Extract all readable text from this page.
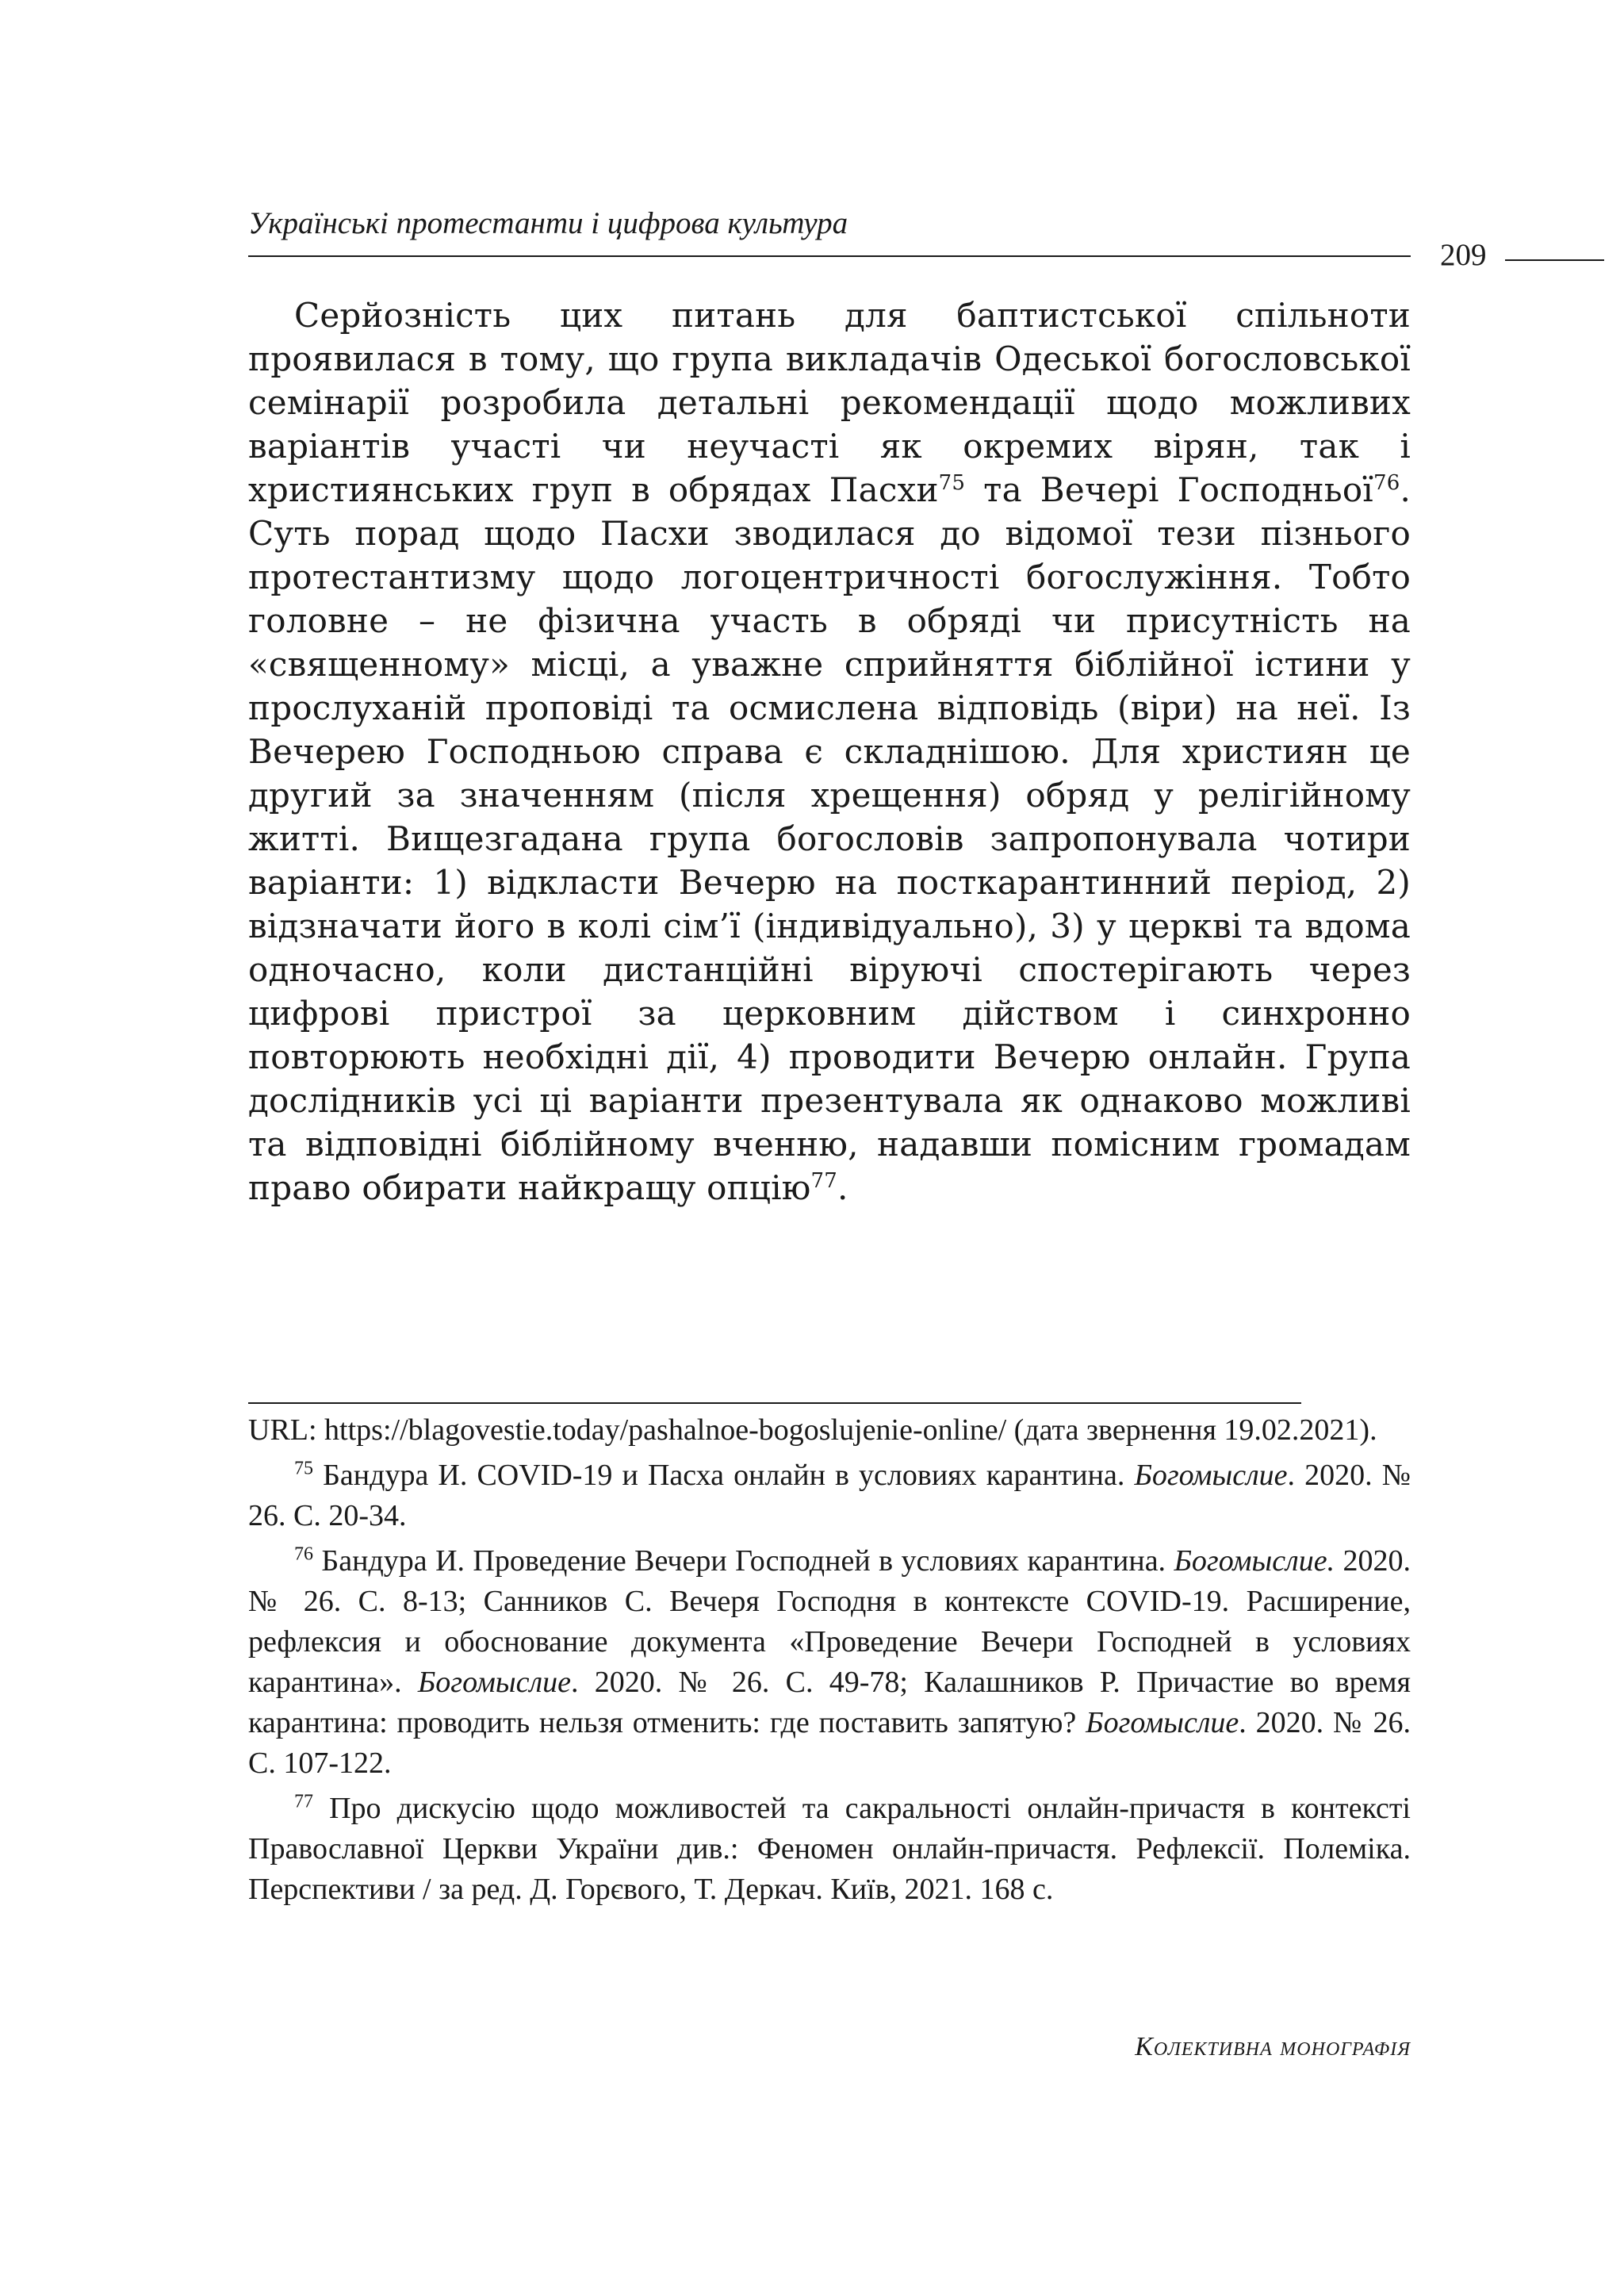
Українські протестанти і цифрова культура
209

Серйозність цих питань для баптистської спільноти проявилася в тому, що група викладачів Одеської богословської семінарії розробила детальні рекомендації щодо можливих варіантів участі чи неучасті як окремих вірян, так і християнських груп в обрядах Пасхи$^{75}$ та Вечері Господньої$^{76}$. Суть порад щодо Пасхи зводилася до відомої тези пізнього протестантизму щодо логоцентричності богослужіння. Тобто головне – не фізична участь в обряді чи присутність на «священному» місці, а уважне сприйняття біблійної істини у прослуханій проповіді та осмислена відповідь (віри) на неї. Із Вечерею Господньою справа є складнішою. Для християн це другий за значенням (після хрещення) обряд у релігійному житті. Вищезгадана група богословів запропонувала чотири варіанти: 1) відкласти Вечерю на посткарантинний період, 2) відзначати його в колі сім’ї (індивідуально), 3) у церкві та вдома одночасно, коли дистанційні віруючі спостерігають через цифрові пристрої за церковним дійством і синхронно повторюють необхідні дії, 4) проводити Вечерю онлайн. Група дослідників усі ці варіанти презентувала як однаково можливі та відповідні біблійному вченню, надавши помісним громадам право обирати найкращу опцію$^{77}$.

URL: https://blagovestie.today/pashalnoe-bogoslujenie-online/ (дата звернення 19.02.2021).

$^{75}$ Бандура И. COVID-19 и Пасха онлайн в условиях карантина. Богомыслие. 2020. № 26. С. 20-34.

$^{76}$ Бандура И. Проведение Вечери Господней в условиях карантина. Богомыслие. 2020. № 26. С. 8-13; Санников С. Вечеря Господня в контексте COVID-19. Расширение, рефлексия и обоснование документа «Проведение Вечери Господней в условиях карантина». Богомыслие. 2020. № 26. С. 49-78; Калашников Р. Причастие во время карантина: проводить нельзя отменить: где поставить запятую? Богомыслие. 2020. № 26. С. 107-122.

$^{77}$ Про дискусію щодо можливостей та сакральності онлайн-причастя в контексті Православної Церкви України див.: Феномен онлайн-причастя. Рефлексії. Полеміка. Перспективи / за ред. Д. Горєвого, Т. Деркач. Київ, 2021. 168 с.

Колективна монографія
